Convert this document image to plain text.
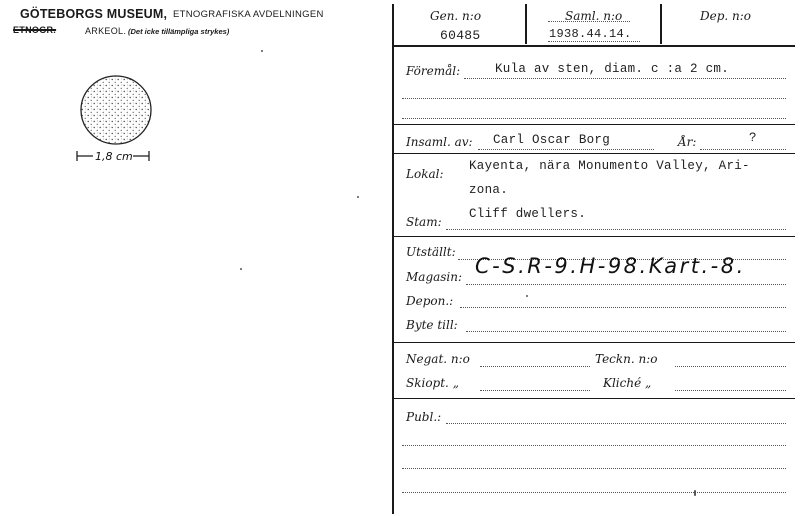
GÖTEBORGS MUSEUM, ETNOGRAFISKA AVDELNINGEN
ETNOGR.	ARKEOL. (Det icke tillämpliga strykes)
1,8 cm
Gen. n:o
60485
Saml. n:o
1938.44.14.
Dep. n:o
Föremål:	Kula av sten, diam. c :a 2 cm.
Insaml. av: Carl Oscar Borg	År:	?
Lokal:
Kayenta, nära Monumento Valley, Ari-
zona.
Stam:
Cliff dwellers.
Utställt:
Magasin: C-S.R-9.H-98.Kart.-8.
Depon.:
Byte till:
Negat. n:o	Teckn. n:o
Skiopt. „	Kliché „
Publ.:
